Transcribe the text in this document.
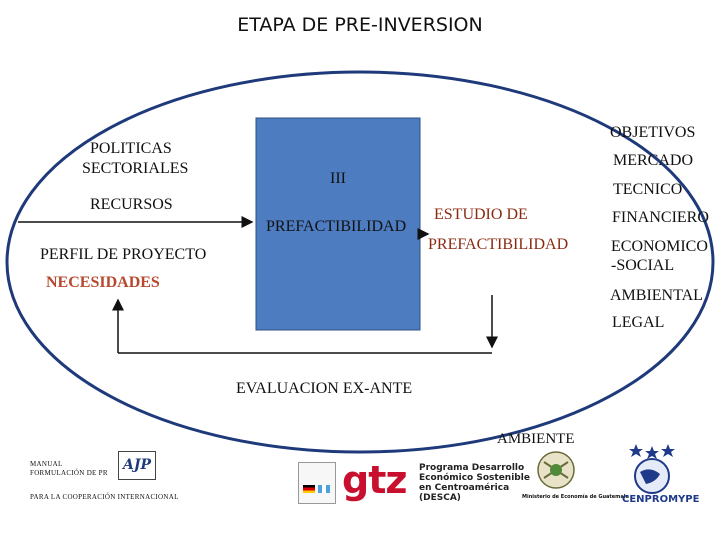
ETAPA DE PRE-INVERSION
POLITICAS
SECTORIALES
RECURSOS
PERFIL DE PROYECTO
NECESIDADES
III
PREFACTIBILIDAD
ESTUDIO DE
PREFACTIBILIDAD
OBJETIVOS
MERCADO
TECNICO
FINANCIERO
ECONOMICO
-SOCIAL
AMBIENTAL
LEGAL
EVALUACION EX-ANTE
AMBIENTE
MANUAL
FORMULACIÓN DE PR	AJP
PARA LA COOPERACIÓN INTERNACIONAL	gtz Programa Desarrollo
Económico Sostenible
en Centroamérica
(DESCA)	Ministerio de Economía de Guatemala
CENPROMYPE
